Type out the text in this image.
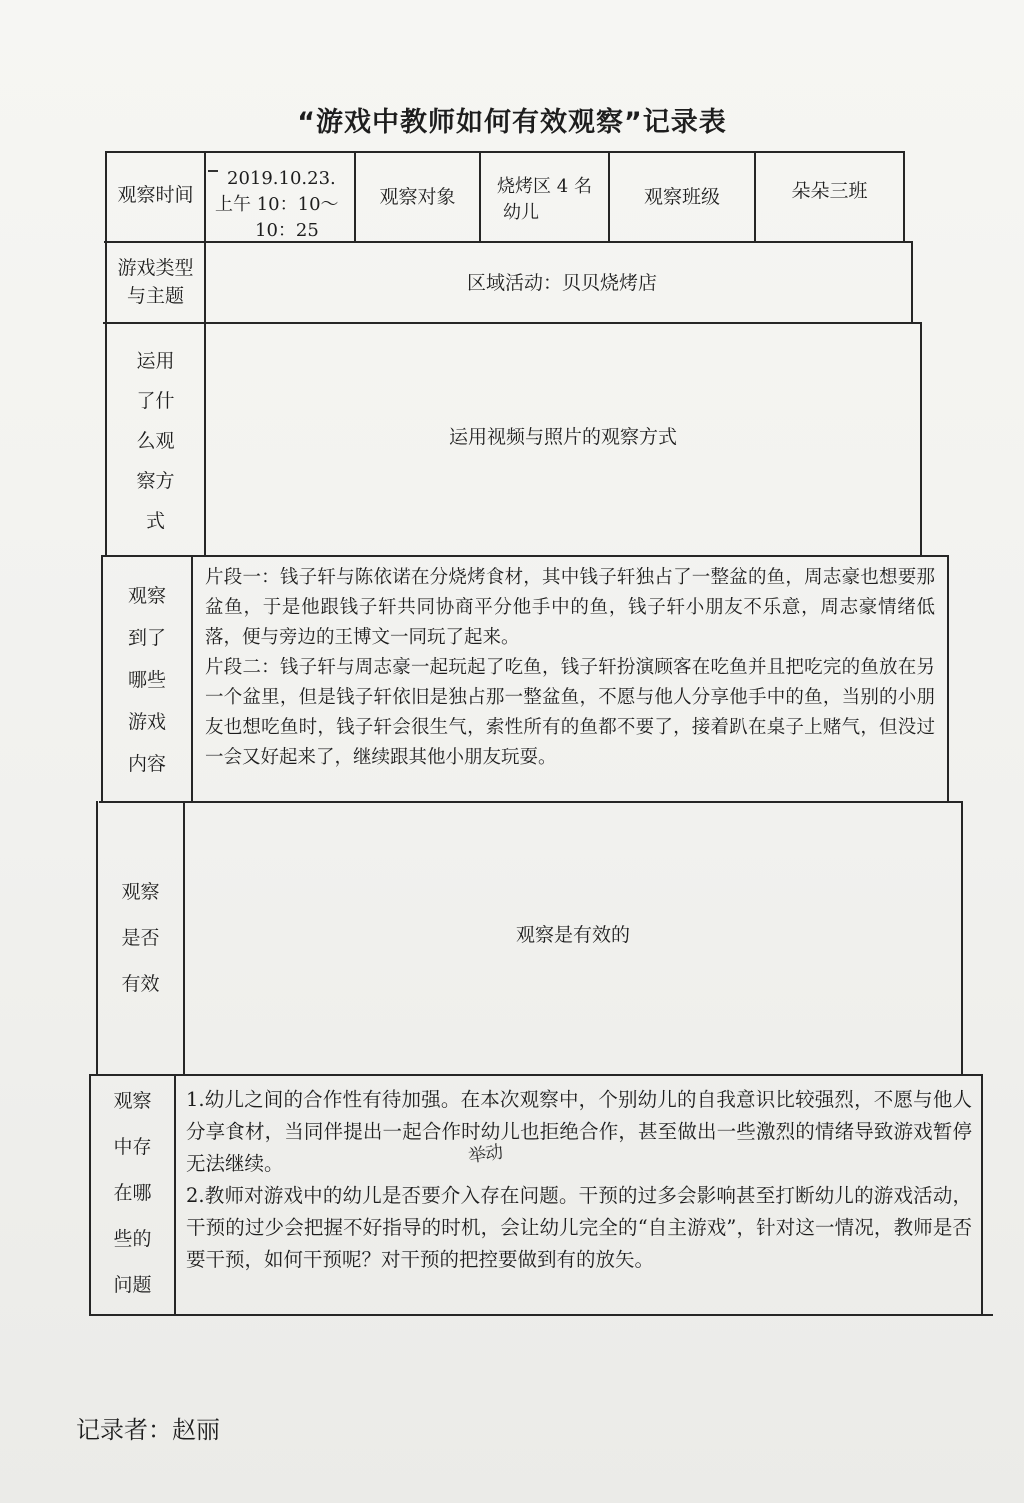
“游戏中教师如何有效观察”记录表
观察时间
2019.10.23.
上午 10：10～
10：25
观察对象	烧烤区 4 名
幼儿
观察班级	朵朵三班
游戏类型
与主题
区域活动：贝贝烧烤店
运用
了什
么观
察方
式
运用视频与照片的观察方式
观察
到了
哪些
游戏
内容
片段一：钱子轩与陈依诺在分烧烤食材，其中钱子轩独占了一整盆的鱼，周志豪也想要那盆鱼，于是他跟钱子轩共同协商平分他手中的鱼，钱子轩小朋友不乐意，周志豪情绪低落，便与旁边的王博文一同玩了起来。
片段二：钱子轩与周志豪一起玩起了吃鱼，钱子轩扮演顾客在吃鱼并且把吃完的鱼放在另一个盆里，但是钱子轩依旧是独占那一整盆鱼，不愿与他人分享他手中的鱼，当别的小朋友也想吃鱼时，钱子轩会很生气，索性所有的鱼都不要了，接着趴在桌子上赌气，但没过一会又好起来了，继续跟其他小朋友玩耍。
观察
是否
有效
观察是有效的
观察
中存
在哪
些的
问题
1.幼儿之间的合作性有待加强。在本次观察中，个别幼儿的自我意识比较强烈，不愿与他人分享食材，当同伴提出一起合作时幼儿也拒绝合作，甚至做出一些激烈的情绪导致游戏暂停无法继续。
2.教师对游戏中的幼儿是否要介入存在问题。干预的过多会影响甚至打断幼儿的游戏活动，干预的过少会把握不好指导的时机，会让幼儿完全的“自主游戏”，针对这一情况，教师是否要干预，如何干预呢？对干预的把控要做到有的放矢。
举动
记录者：赵丽
